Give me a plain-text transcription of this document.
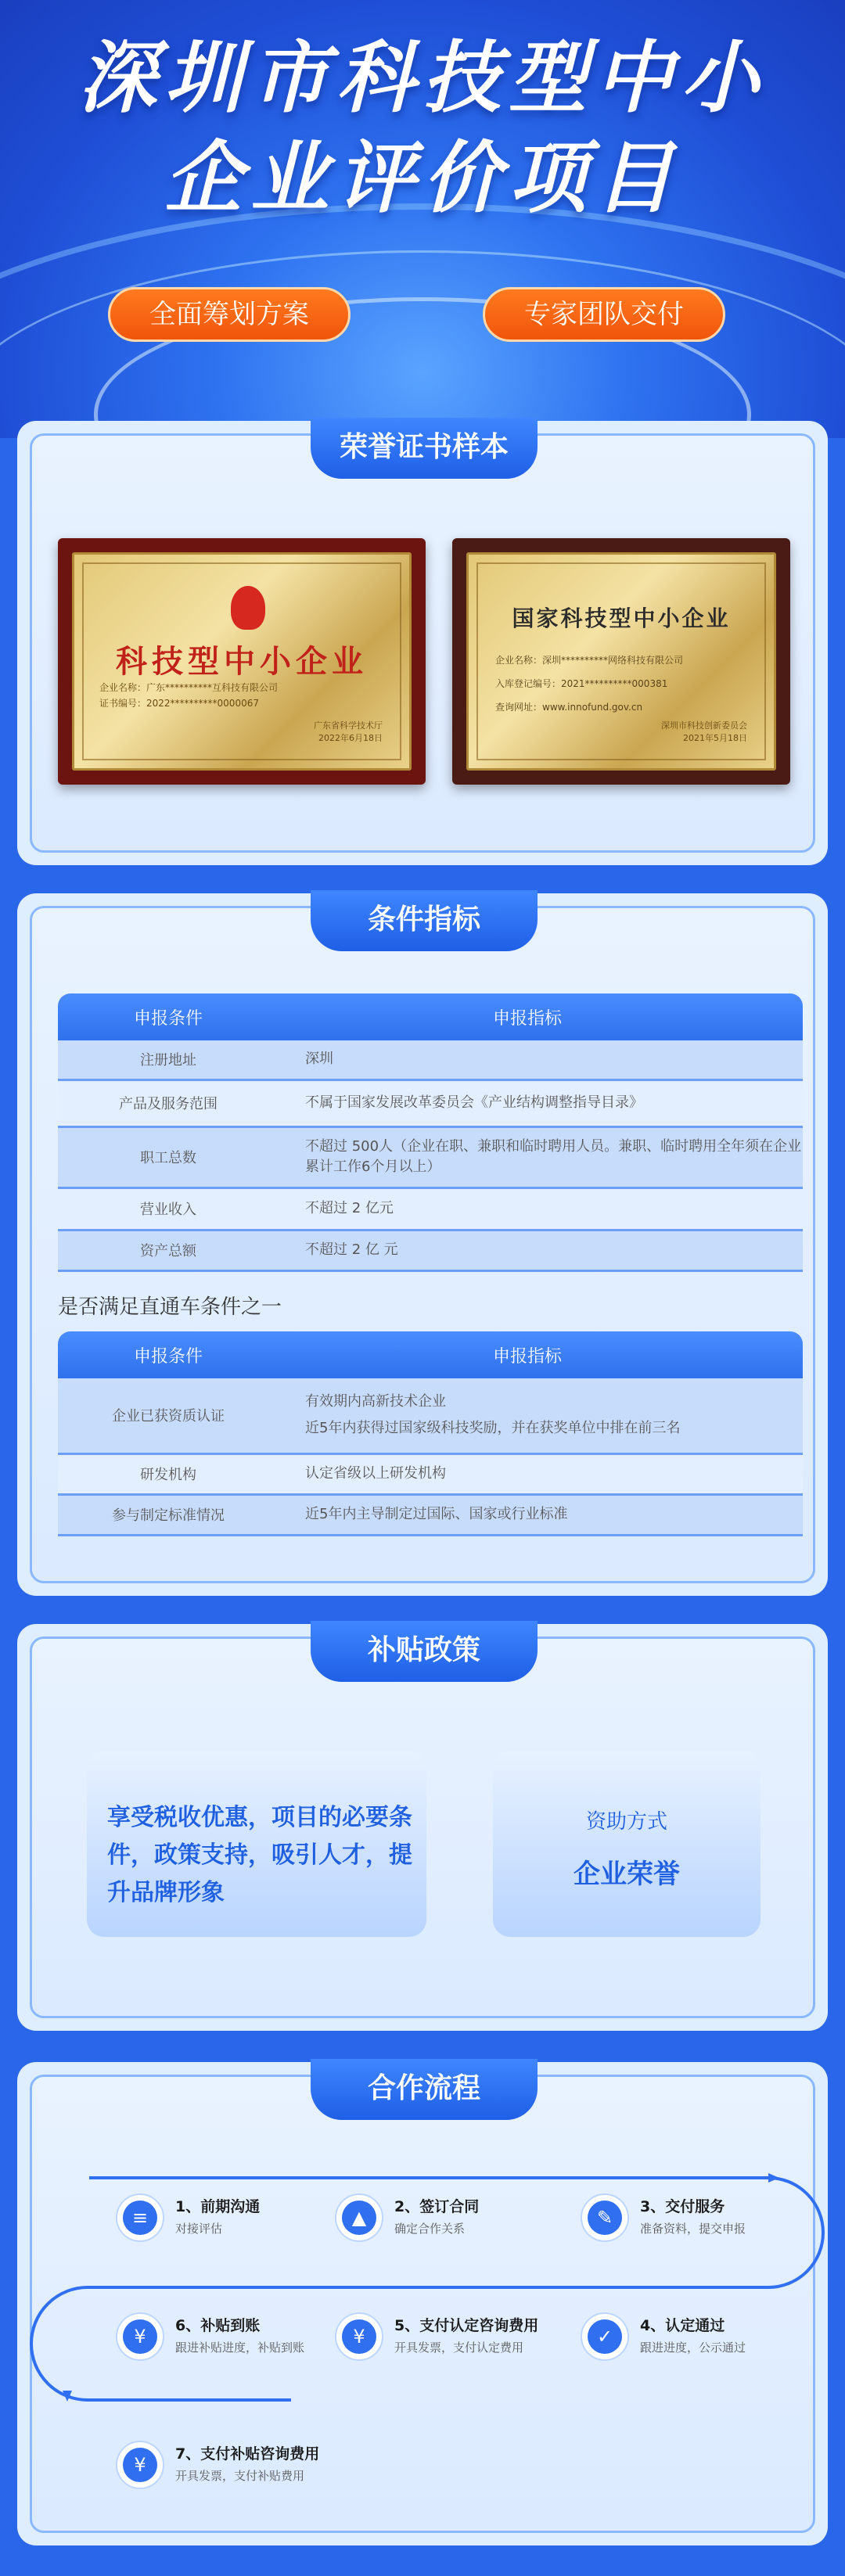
深圳市科技型中小
企业评价项目
全面筹划方案	专家团队交付
荣誉证书样本
科技型中小企业
企业名称：广东**********互科技有限公司
证书编号：2022**********0000067
广东省科学技术厅
2022年6月18日
国家科技型中小企业
企业名称：深圳**********网络科技有限公司
入库登记编号：2021**********000381
查询网址：www.innofund.gov.cn
深圳市科技创新委员会
2021年5月18日
条件指标
申报条件	申报指标
注册地址	深圳
产品及服务范围	不属于国家发展改革委员会《产业结构调整指导目录》
职工总数	不超过 500人（企业在职、兼职和临时聘用人员。兼职、临时聘用全年须在企业累计工作6个月以上）
营业收入	不超过 2 亿元
资产总额	不超过 2 亿 元
是否满足直通车条件之一
申报条件	申报指标
企业已获资质认证	有效期内高新技术企业
近5年内获得过国家级科技奖励，并在获奖单位中排在前三名

研发机构	认定省级以上研发机构
参与制定标准情况	近5年内主导制定过国际、国家或行业标准
补贴政策
享受税收优惠，项目的必要条件，政策支持，吸引人才，提升品牌形象
资助方式
企业荣誉
合作流程
≡	1、前期沟通
对接评估	▲	2、签订合同
确定合作关系	✎	3、交付服务
准备资料，提交申报
✓	4、认定通过
跟进进度，公示通过
¥	5、支付认定咨询费用
开具发票，支付认定费用
¥	6、补贴到账
跟进补贴进度，补贴到账
¥	7、支付补贴咨询费用
开具发票，支付补贴费用
